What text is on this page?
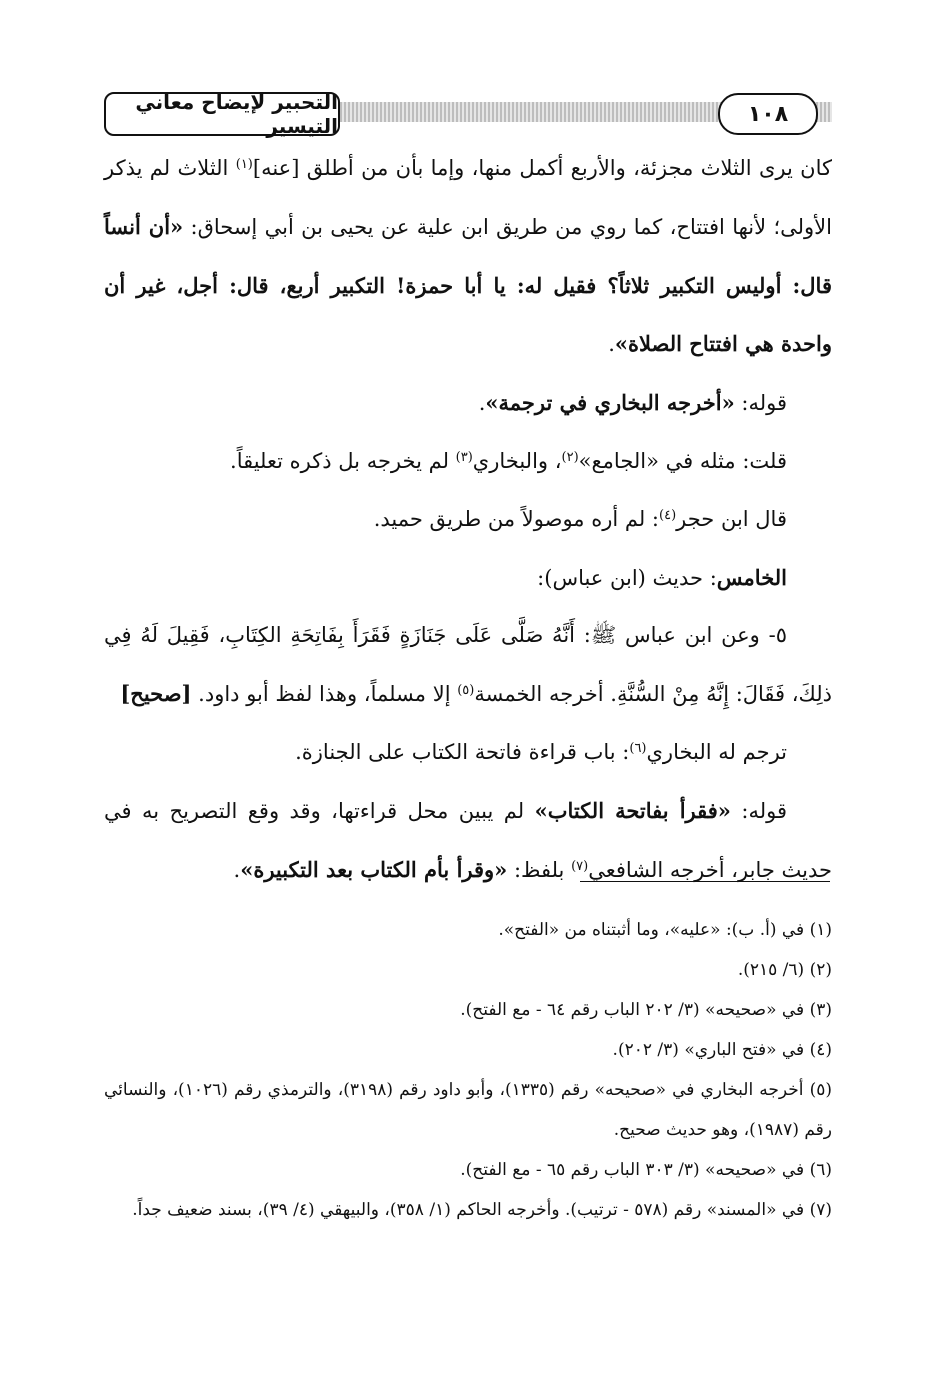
التحبير لإيضاح معاني التيسير	١٠٨

كان يرى الثلاث مجزئة، والأربع أكمل منها، وإما بأن من أطلق [عنه]$^{(١)}$ الثلاث لم يذكر الأولى؛ لأنها افتتاح، كما روي من طريق ابن علية عن يحيى بن أبي إسحاق: «أن أنساً قال: أوليس التكبير ثلاثاً؟ فقيل له: يا أبا حمزة! التكبير أربع، قال: أجل، غير أن واحدة هي افتتاح الصلاة».

قوله: «أخرجه البخاري في ترجمة».

قلت: مثله في «الجامع»$^{(٢)}$، والبخاري$^{(٣)}$ لم يخرجه بل ذكره تعليقاً.

قال ابن حجر$^{(٤)}$: لم أره موصولاً من طريق حميد.

الخامس: حديث (ابن عباس):

٥- وعن ابن عباس ﷺ: أَنَّهُ صَلَّى عَلَى جَنَازَةٍ فَقَرَأَ بِفَاتِحَةِ الكِتَابِ، فَقِيلَ لَهُ فِي ذلِكَ، فَقَالَ: إِنَّهُ مِنْ السُّنَّةِ. أخرجه الخمسة$^{(٥)}$ إلا مسلماً، وهذا لفظ أبو داود. [صحيح]

ترجم له البخاري$^{(٦)}$: باب قراءة فاتحة الكتاب على الجنازة.

قوله: «فقرأ بفاتحة الكتاب» لم يبين محل قراءتها، وقد وقع التصريح به في حديث جابر، أخرجه الشافعي$^{(٧)}$ بلفظ: «وقرأ بأم الكتاب بعد التكبيرة».

(١) في (أ. ب): «عليه»، وما أثبتناه من «الفتح».

(٢) (٦/ ٢١٥).

(٣) في «صحيحه» (٣/ ٢٠٢ الباب رقم ٦٤ - مع الفتح).

(٤) في «فتح الباري» (٣/ ٢٠٢).

(٥) أخرجه البخاري في «صحيحه» رقم (١٣٣٥)، وأبو داود رقم (٣١٩٨)، والترمذي رقم (١٠٢٦)، والنسائي رقم (١٩٨٧)، وهو حديث صحيح.

(٦) في «صحيحه» (٣/ ٣٠٣ الباب رقم ٦٥ - مع الفتح).

(٧) في «المسند» رقم (٥٧٨ - ترتيب). وأخرجه الحاكم (١/ ٣٥٨)، والبيهقي (٤/ ٣٩)، بسند ضعيف جداً.
